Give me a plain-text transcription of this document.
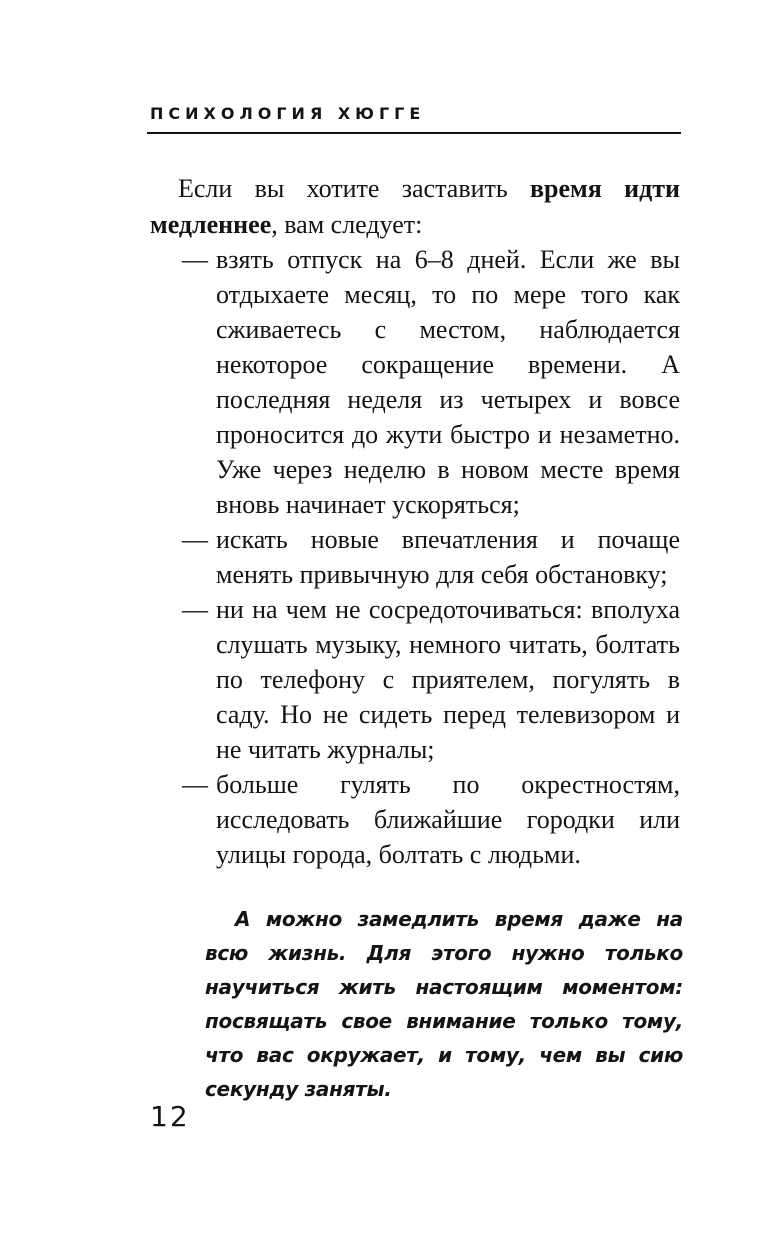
ПСИХОЛОГИЯ ХЮГГЕ

Если вы хотите заставить время идти медленнее, вам следует:

— взять отпуск на 6–8 дней. Если же вы отдыхаете месяц, то по мере того как сживаетесь с местом, наблюдается некоторое сокращение времени. А последняя неделя из четырех и вовсе проносится до жути быстро и незаметно. Уже через неделю в новом месте время вновь начинает ускоряться;
— искать новые впечатления и почаще менять привычную для себя обстановку;
— ни на чем не сосредоточиваться: вполуха слушать музыку, немного читать, болтать по телефону с приятелем, погулять в саду. Но не сидеть перед телевизором и не читать журналы;
— больше гулять по окрестностям, исследовать ближайшие городки или улицы города, болтать с людьми.

А можно замедлить время даже на всю жизнь. Для этого нужно только научиться жить настоящим моментом: посвящать свое внимание только тому, что вас окружает, и тому, чем вы сию секунду заняты.

12
